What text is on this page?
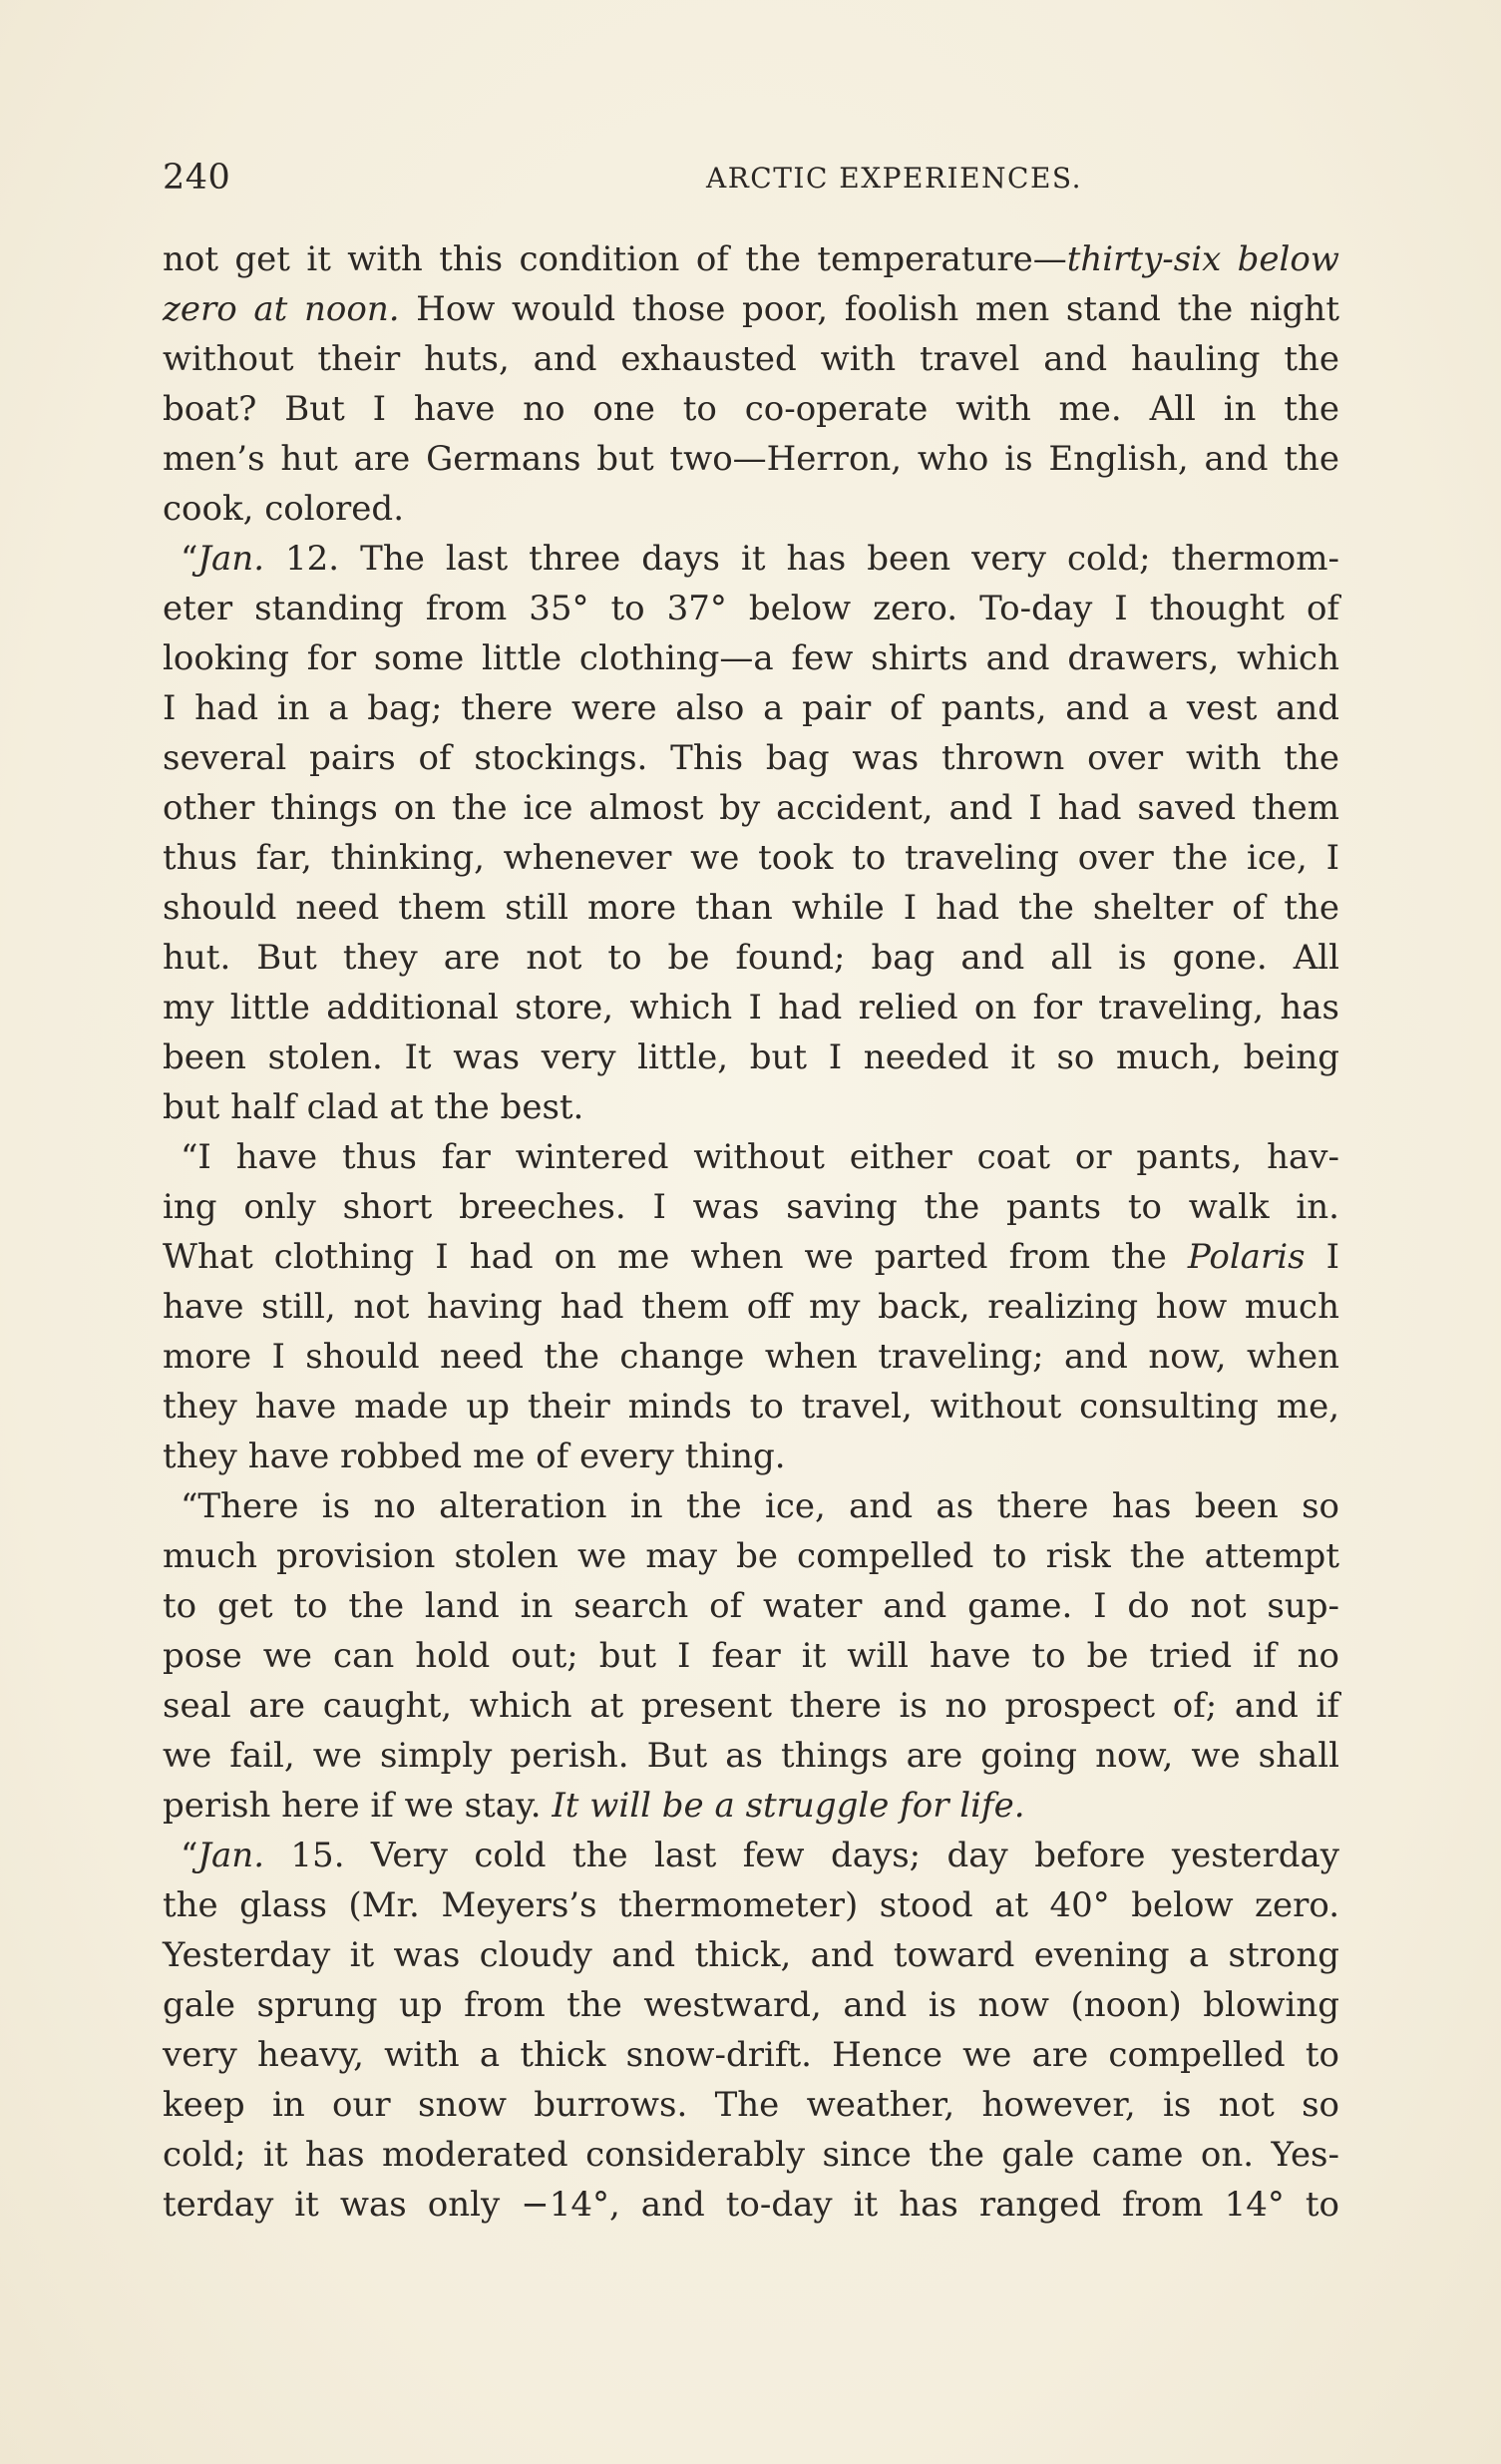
240	ARCTIC EXPERIENCES.
not get it with this condition of the temperature—thirty-six below
zero at noon. How would those poor, foolish men stand the night
without their huts, and exhausted with travel and hauling the
boat? But I have no one to co-operate with me. All in the
men’s hut are Germans but two—Herron, who is English, and the
cook, colored.
“Jan. 12. The last three days it has been very cold; thermom-
eter standing from 35° to 37° below zero. To-day I thought of
looking for some little clothing—a few shirts and drawers, which
I had in a bag; there were also a pair of pants, and a vest and
several pairs of stockings. This bag was thrown over with the
other things on the ice almost by accident, and I had saved them
thus far, thinking, whenever we took to traveling over the ice, I
should need them still more than while I had the shelter of the
hut. But they are not to be found; bag and all is gone. All
my little additional store, which I had relied on for traveling, has
been stolen. It was very little, but I needed it so much, being
but half clad at the best.
“I have thus far wintered without either coat or pants, hav-
ing only short breeches. I was saving the pants to walk in.
What clothing I had on me when we parted from the Polaris I
have still, not having had them off my back, realizing how much
more I should need the change when traveling; and now, when
they have made up their minds to travel, without consulting me,
they have robbed me of every thing.
“There is no alteration in the ice, and as there has been so
much provision stolen we may be compelled to risk the attempt
to get to the land in search of water and game. I do not sup-
pose we can hold out; but I fear it will have to be tried if no
seal are caught, which at present there is no prospect of; and if
we fail, we simply perish. But as things are going now, we shall
perish here if we stay. It will be a struggle for life.
“Jan. 15. Very cold the last few days; day before yesterday
the glass (Mr. Meyers’s thermometer) stood at 40° below zero.
Yesterday it was cloudy and thick, and toward evening a strong
gale sprung up from the westward, and is now (noon) blowing
very heavy, with a thick snow-drift. Hence we are compelled to
keep in our snow burrows. The weather, however, is not so
cold; it has moderated considerably since the gale came on. Yes-
terday it was only −14°, and to-day it has ranged from 14° to
